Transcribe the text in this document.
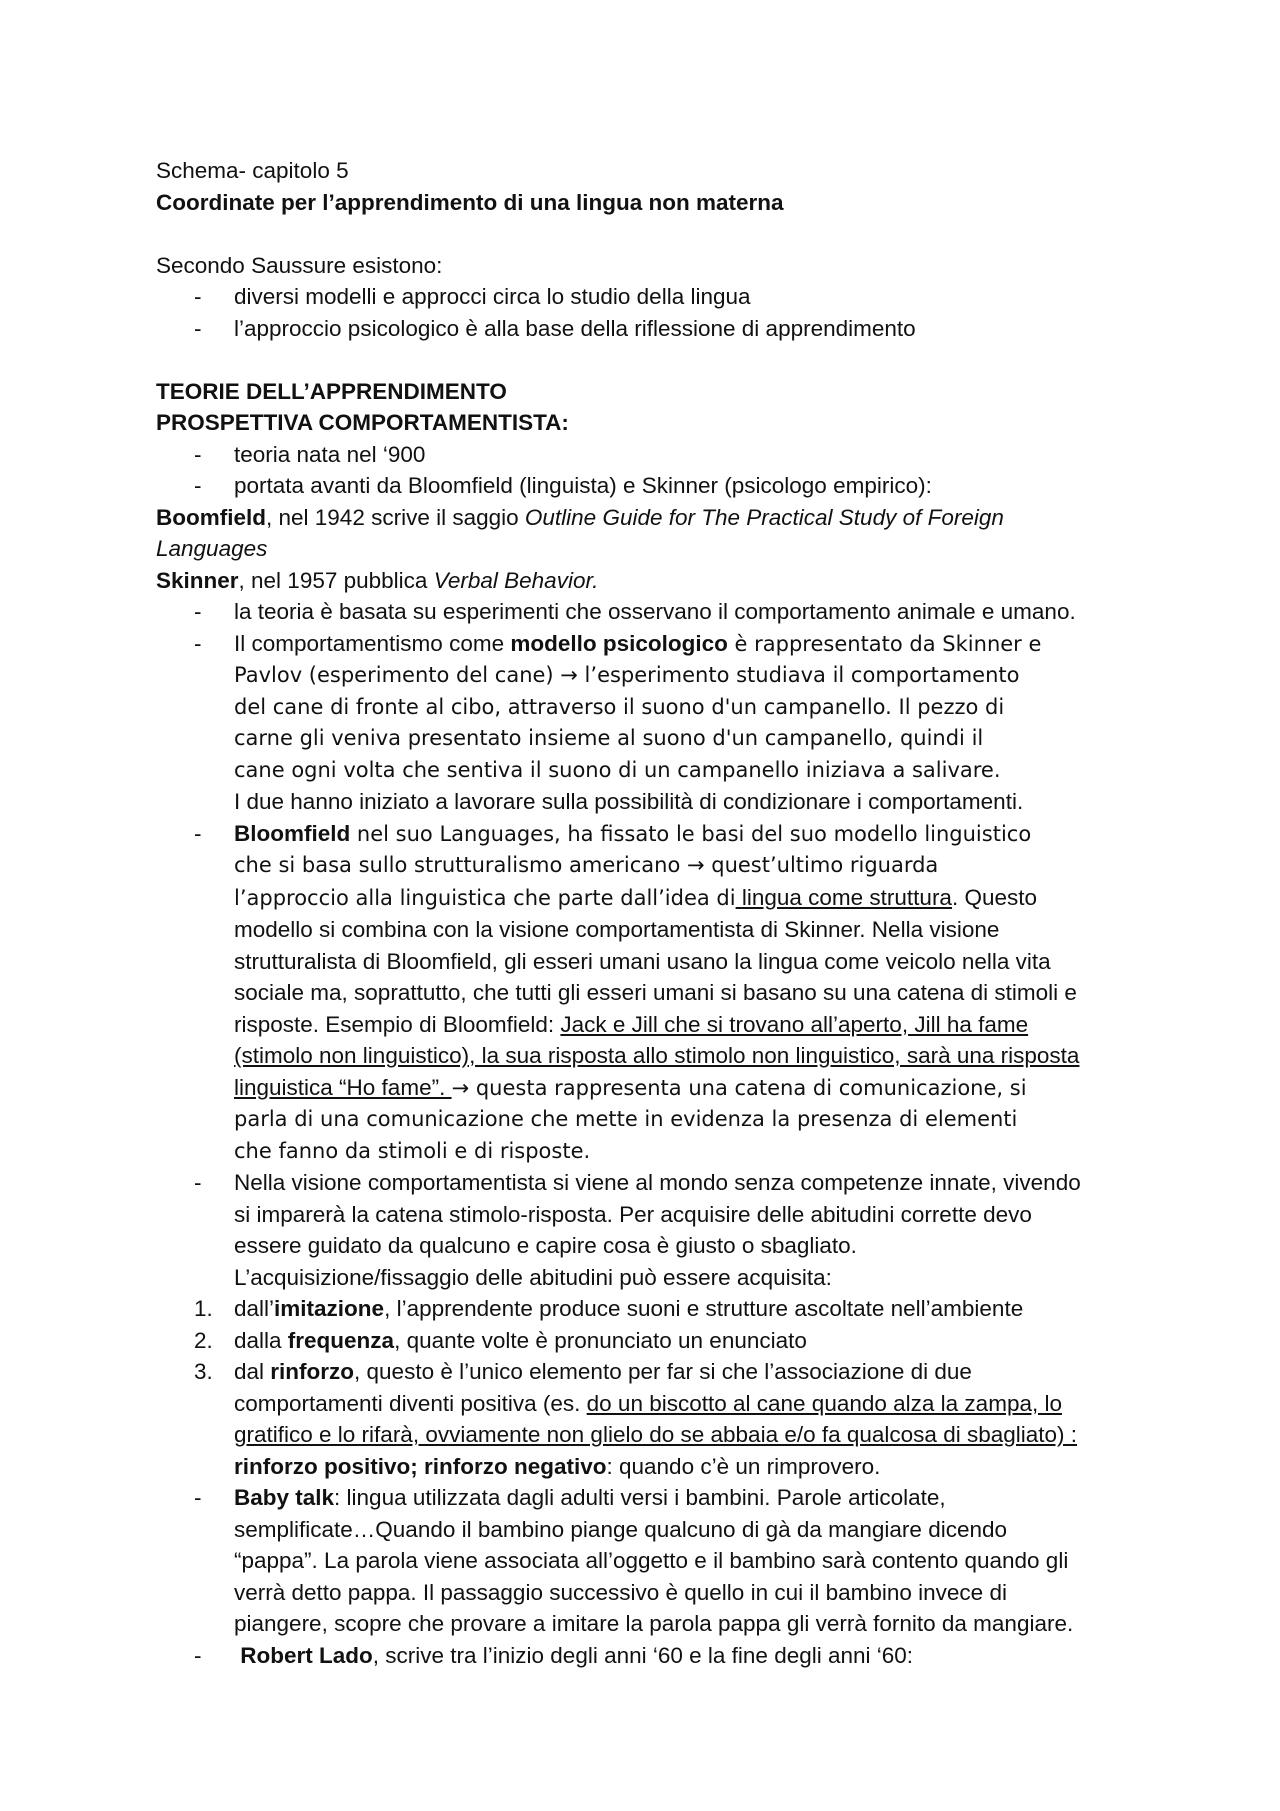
Schema- capitolo 5
Coordinate per l’apprendimento di una lingua non materna
Secondo Saussure esistono:
-	diversi modelli e approcci circa lo studio della lingua
-	l’approccio psicologico è alla base della riflessione di apprendimento
TEORIE DELL’APPRENDIMENTO
PROSPETTIVA COMPORTAMENTISTA:
-	teoria nata nel ‘900
-	portata avanti da Bloomfield (linguista) e Skinner (psicologo empirico):
Boomfield, nel 1942 scrive il saggio Outline Guide for The Practical Study of Foreign
Languages
Skinner, nel 1957 pubblica Verbal Behavior.
-	la teoria è basata su esperimenti che osservano il comportamento animale e umano.
-	Il comportamentismo come modello psicologico è rappresentato da Skinner e
Pavlov (esperimento del cane) → l’esperimento studiava il comportamento
del cane di fronte al cibo, attraverso il suono d'un campanello. Il pezzo di
carne gli veniva presentato insieme al suono d'un campanello, quindi il
cane ogni volta che sentiva il suono di un campanello iniziava a salivare.
I due hanno iniziato a lavorare sulla possibilità di condizionare i comportamenti.
-	Bloomfield nel suo Languages, ha fissato le basi del suo modello linguistico
che si basa sullo strutturalismo americano → quest’ultimo riguarda
l’approccio alla linguistica che parte dall’idea di lingua come struttura. Questo
modello si combina con la visione comportamentista di Skinner. Nella visione
strutturalista di Bloomfield, gli esseri umani usano la lingua come veicolo nella vita
sociale ma, soprattutto, che tutti gli esseri umani si basano su una catena di stimoli e
risposte. Esempio di Bloomfield: Jack e Jill che si trovano all’aperto, Jill ha fame
(stimolo non linguistico), la sua risposta allo stimolo non linguistico, sarà una risposta
linguistica “Ho fame”. → questa rappresenta una catena di comunicazione, si
parla di una comunicazione che mette in evidenza la presenza di elementi
che fanno da stimoli e di risposte.
-	Nella visione comportamentista si viene al mondo senza competenze innate, vivendo
si imparerà la catena stimolo-risposta. Per acquisire delle abitudini corrette devo
essere guidato da qualcuno e capire cosa è giusto o sbagliato.
L’acquisizione/fissaggio delle abitudini può essere acquisita:
1. dall’imitazione, l’apprendente produce suoni e strutture ascoltate nell’ambiente
2. dalla frequenza, quante volte è pronunciato un enunciato
3. dal rinforzo, questo è l’unico elemento per far si che l’associazione di due
comportamenti diventi positiva (es. do un biscotto al cane quando alza la zampa, lo
gratifico e lo rifarà, ovviamente non glielo do se abbaia e/o fa qualcosa di sbagliato) :
rinforzo positivo; rinforzo negativo: quando c’è un rimprovero.
-	Baby talk: lingua utilizzata dagli adulti versi i bambini. Parole articolate,
semplificate…Quando il bambino piange qualcuno di gà da mangiare dicendo
“pappa”. La parola viene associata all’oggetto e il bambino sarà contento quando gli
verrà detto pappa. Il passaggio successivo è quello in cui il bambino invece di
piangere, scopre che provare a imitare la parola pappa gli verrà fornito da mangiare.
-	Robert Lado, scrive tra l’inizio degli anni ‘60 e la fine degli anni ‘60:
